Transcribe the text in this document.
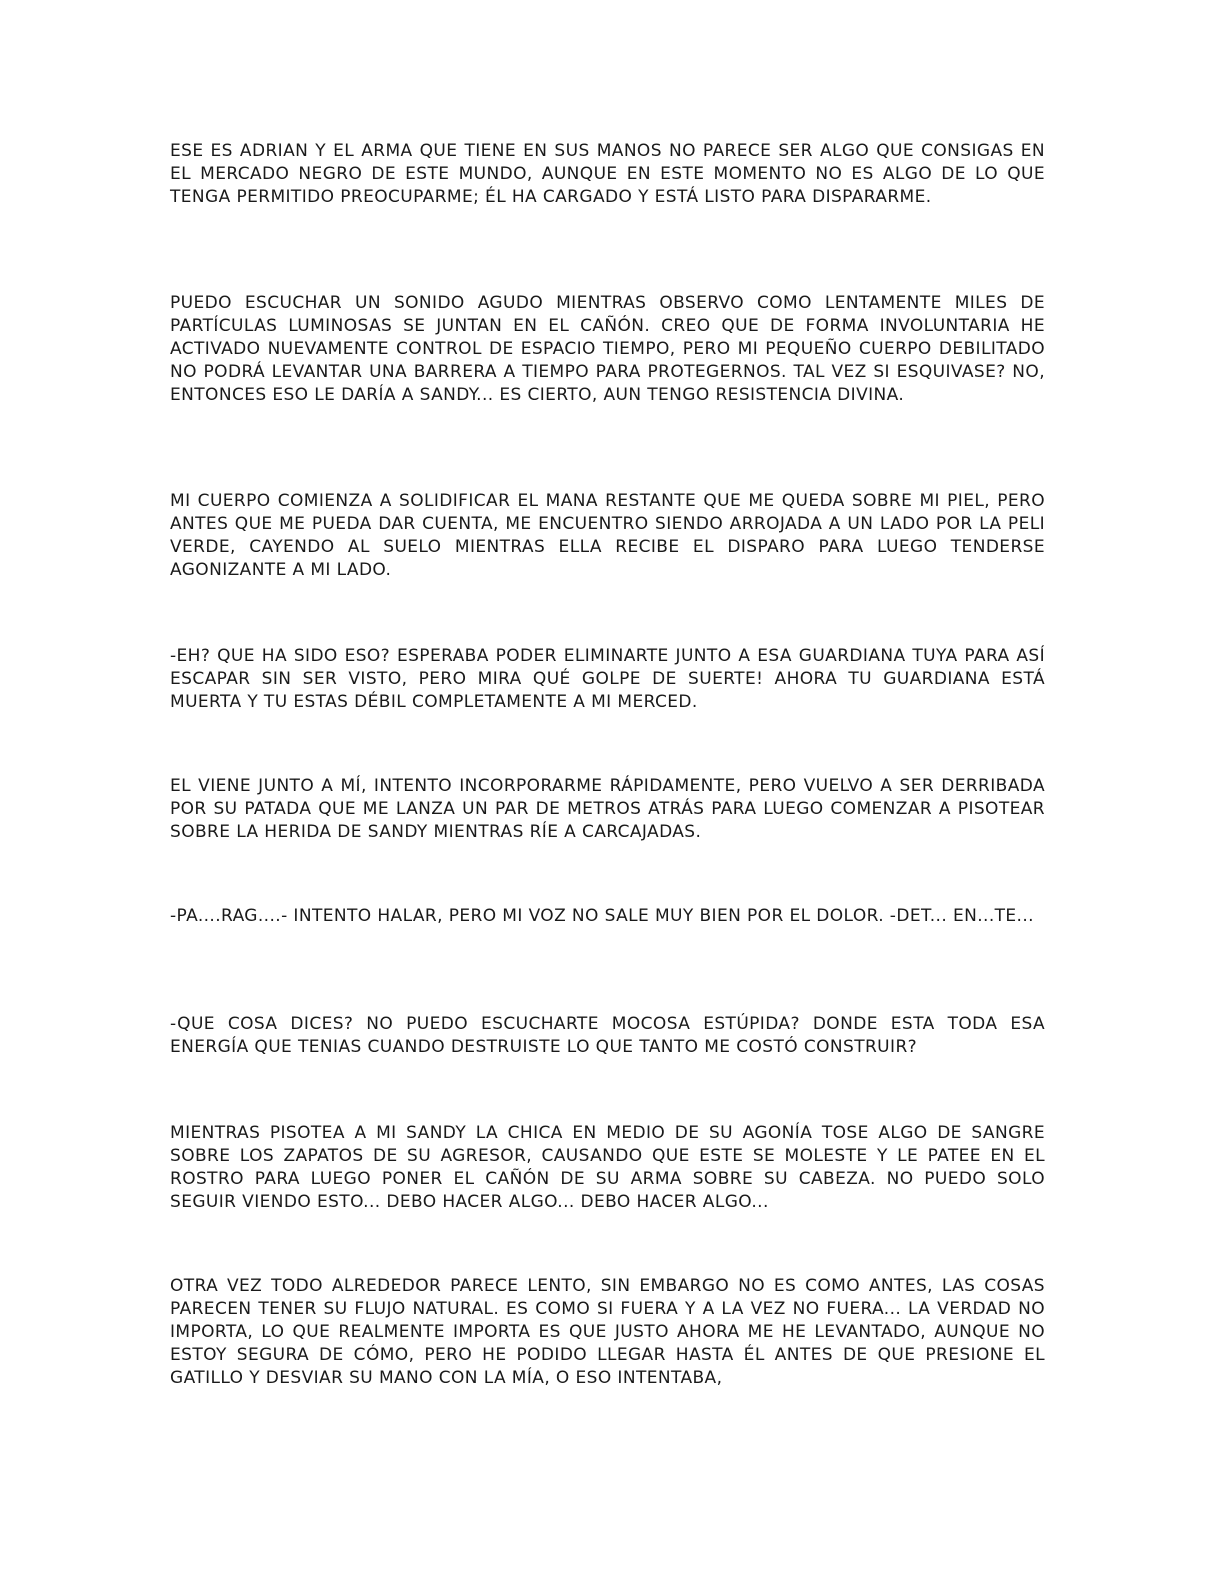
ESE ES ADRIAN Y EL ARMA QUE TIENE EN SUS MANOS NO PARECE SER ALGO QUE CONSIGAS EN EL MERCADO NEGRO DE ESTE MUNDO, AUNQUE EN ESTE MOMENTO NO ES ALGO DE LO QUE TENGA PERMITIDO PREOCUPARME; ÉL HA CARGADO Y ESTÁ LISTO PARA DISPARARME.

PUEDO ESCUCHAR UN SONIDO AGUDO MIENTRAS OBSERVO COMO LENTAMENTE MILES DE PARTÍCULAS LUMINOSAS SE JUNTAN EN EL CAÑÓN. CREO QUE DE FORMA INVOLUNTARIA HE ACTIVADO NUEVAMENTE CONTROL DE ESPACIO TIEMPO, PERO MI PEQUEÑO CUERPO DEBILITADO NO PODRÁ LEVANTAR UNA BARRERA A TIEMPO PARA PROTEGERNOS. TAL VEZ SI ESQUIVASE? NO, ENTONCES ESO LE DARÍA A SANDY... ES CIERTO, AUN TENGO RESISTENCIA DIVINA.

MI CUERPO COMIENZA A SOLIDIFICAR EL MANA RESTANTE QUE ME QUEDA SOBRE MI PIEL, PERO ANTES QUE ME PUEDA DAR CUENTA, ME ENCUENTRO SIENDO ARROJADA A UN LADO POR LA PELI VERDE, CAYENDO AL SUELO MIENTRAS ELLA RECIBE EL DISPARO PARA LUEGO TENDERSE AGONIZANTE A MI LADO.

-EH? QUE HA SIDO ESO? ESPERABA PODER ELIMINARTE JUNTO A ESA GUARDIANA TUYA PARA ASÍ ESCAPAR SIN SER VISTO, PERO MIRA QUÉ GOLPE DE SUERTE! AHORA TU GUARDIANA ESTÁ MUERTA Y TU ESTAS DÉBIL COMPLETAMENTE A MI MERCED.

EL VIENE JUNTO A MÍ, INTENTO INCORPORARME RÁPIDAMENTE, PERO VUELVO A SER DERRIBADA POR SU PATADA QUE ME LANZA UN PAR DE METROS ATRÁS PARA LUEGO COMENZAR A PISOTEAR SOBRE LA HERIDA DE SANDY MIENTRAS RÍE A CARCAJADAS.

-PA....RAG....- INTENTO HALAR, PERO MI VOZ NO SALE MUY BIEN POR EL DOLOR. -DET... EN...TE...

-QUE COSA DICES? NO PUEDO ESCUCHARTE MOCOSA ESTÚPIDA? DONDE ESTA TODA ESA ENERGÍA QUE TENIAS CUANDO DESTRUISTE LO QUE TANTO ME COSTÓ CONSTRUIR?

MIENTRAS PISOTEA A MI SANDY LA CHICA EN MEDIO DE SU AGONÍA TOSE ALGO DE SANGRE SOBRE LOS ZAPATOS DE SU AGRESOR, CAUSANDO QUE ESTE SE MOLESTE Y LE PATEE EN EL ROSTRO PARA LUEGO PONER EL CAÑÓN DE SU ARMA SOBRE SU CABEZA. NO PUEDO SOLO SEGUIR VIENDO ESTO... DEBO HACER ALGO... DEBO HACER ALGO...

OTRA VEZ TODO ALREDEDOR PARECE LENTO, SIN EMBARGO NO ES COMO ANTES, LAS COSAS PARECEN TENER SU FLUJO NATURAL. ES COMO SI FUERA Y A LA VEZ NO FUERA... LA VERDAD NO IMPORTA, LO QUE REALMENTE IMPORTA ES QUE JUSTO AHORA ME HE LEVANTADO, AUNQUE NO ESTOY SEGURA DE CÓMO, PERO HE PODIDO LLEGAR HASTA ÉL ANTES DE QUE PRESIONE EL GATILLO Y DESVIAR SU MANO CON LA MÍA, O ESO INTENTABA,
